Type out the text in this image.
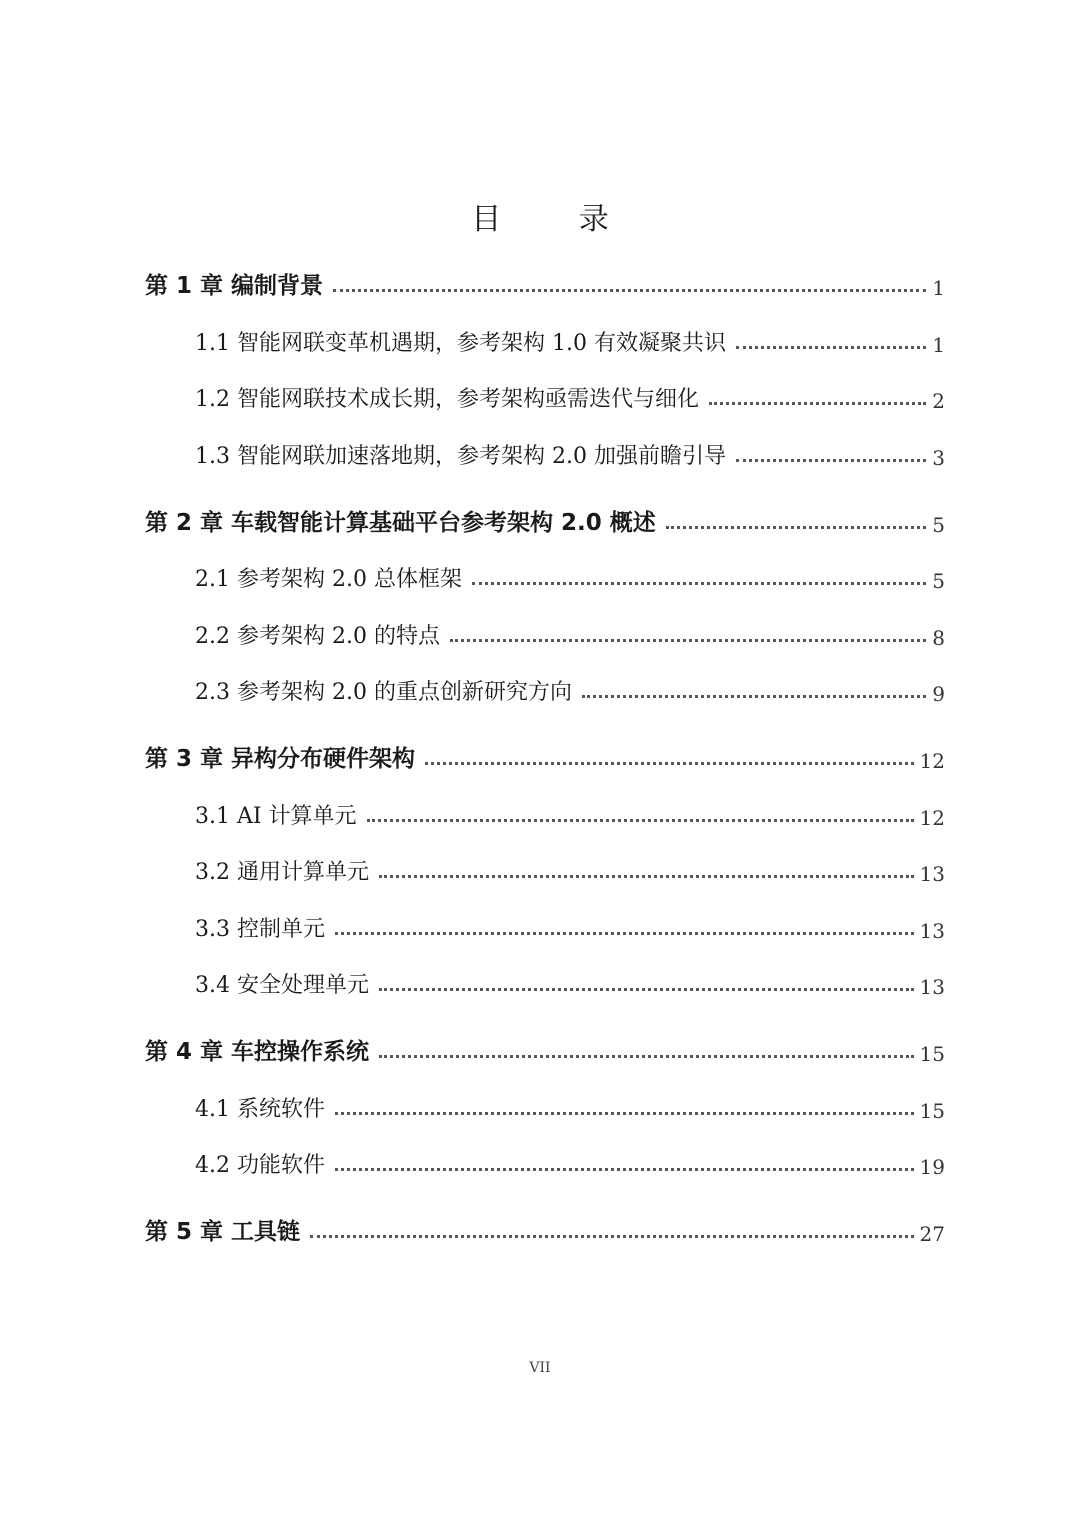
目 录
第 1 章 编制背景	1
1.1 智能网联变革机遇期，参考架构 1.0 有效凝聚共识	1
1.2 智能网联技术成长期，参考架构亟需迭代与细化	2
1.3 智能网联加速落地期，参考架构 2.0 加强前瞻引导	3
第 2 章 车载智能计算基础平台参考架构 2.0 概述	5
2.1 参考架构 2.0 总体框架	5
2.2 参考架构 2.0 的特点	8
2.3 参考架构 2.0 的重点创新研究方向	9
第 3 章 异构分布硬件架构	12
3.1 AI 计算单元	12
3.2 通用计算单元	13
3.3 控制单元	13
3.4 安全处理单元	13
第 4 章 车控操作系统	15
4.1 系统软件	15
4.2 功能软件	19
第 5 章 工具链	27
VII
